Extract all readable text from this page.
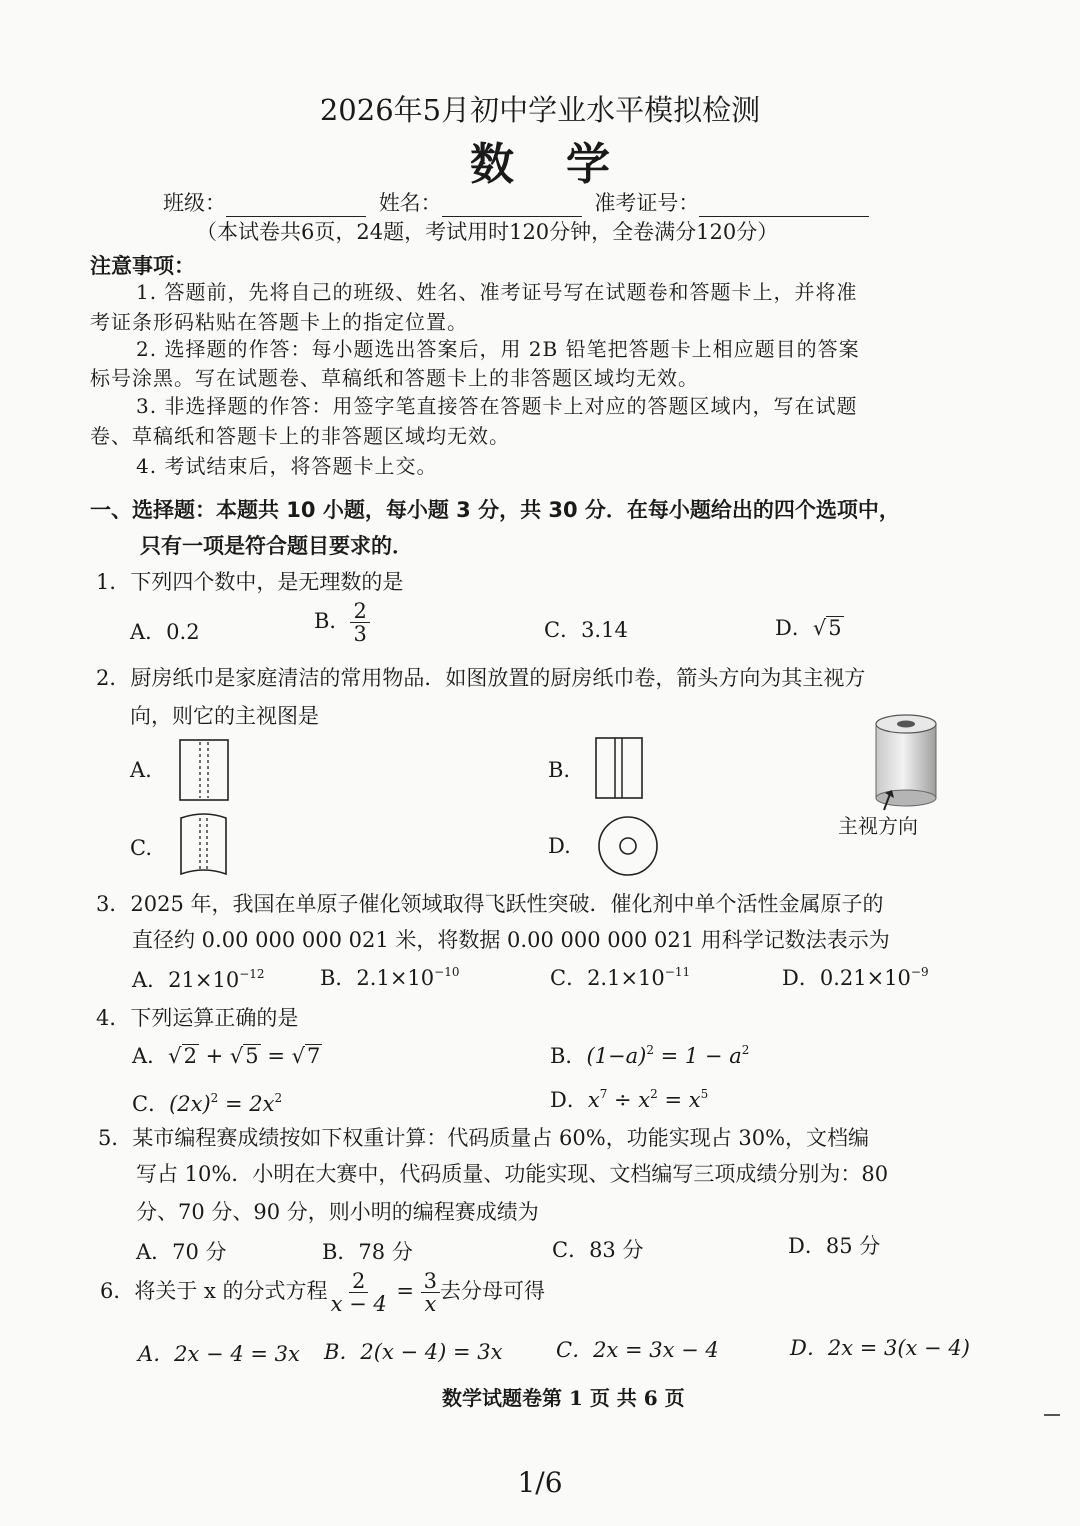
2026年5月初中学业水平模拟检测
数学
班级：	姓名：	准考证号：
（本试卷共6页，24题，考试用时120分钟，全卷满分120分）
注意事项：
1. 答题前，先将自己的班级、姓名、准考证号写在试题卷和答题卡上，并将准
考证条形码粘贴在答题卡上的指定位置。
2. 选择题的作答：每小题选出答案后，用 2B 铅笔把答题卡上相应题目的答案
标号涂黑。写在试题卷、草稿纸和答题卡上的非答题区域均无效。
3. 非选择题的作答：用签字笔直接答在答题卡上对应的答题区域内，写在试题
卷、草稿纸和答题卡上的非答题区域均无效。
4. 考试结束后，将答题卡上交。
一、选择题：本题共 10 小题，每小题 3 分，共 30 分．在每小题给出的四个选项中，
只有一项是符合题目要求的．
1．下列四个数中，是无理数的是
A．0.2	B． $\frac{2}{3}$	C．3.14	D．√5
2．厨房纸巾是家庭清洁的常用物品．如图放置的厨房纸巾卷，箭头方向为其主视方
向，则它的主视图是
A.	B.
C.	D.
主视方向
3．2025 年，我国在单原子催化领域取得飞跃性突破．催化剂中单个活性金属原子的
直径约 0.00 000 000 021 米，将数据 0.00 000 000 021 用科学记数法表示为
A．$21\times 10^{-12}$	B．$2.1\times 10^{-10}$	C．$2.1\times 10^{-11}$	D．$0.21\times 10^{-9}$
4．下列运算正确的是
A．√2 + √5 = √7	B．$(1-a)^2 = 1 - a^2$
C．$(2x)^2 = 2x^2$	D．$x^7 \div x^2 = x^5$
5．某市编程赛成绩按如下权重计算：代码质量占 60%，功能实现占 30%，文档编
写占 10%．小明在大赛中，代码质量、功能实现、文档编写三项成绩分别为：80
分、70 分、90 分，则小明的编程赛成绩为
A．70 分	B．78 分	C．83 分	D．85 分
6．将关于 x 的分式方程 $\frac{2}{x - 4} = \frac{3}{x}$ 去分母可得
A．2x − 4 = 3x B．2(x − 4) = 3x	C．2x = 3x − 4	D．2x = 3(x − 4)
数学试题卷第 1 页 共 6 页
1/6
